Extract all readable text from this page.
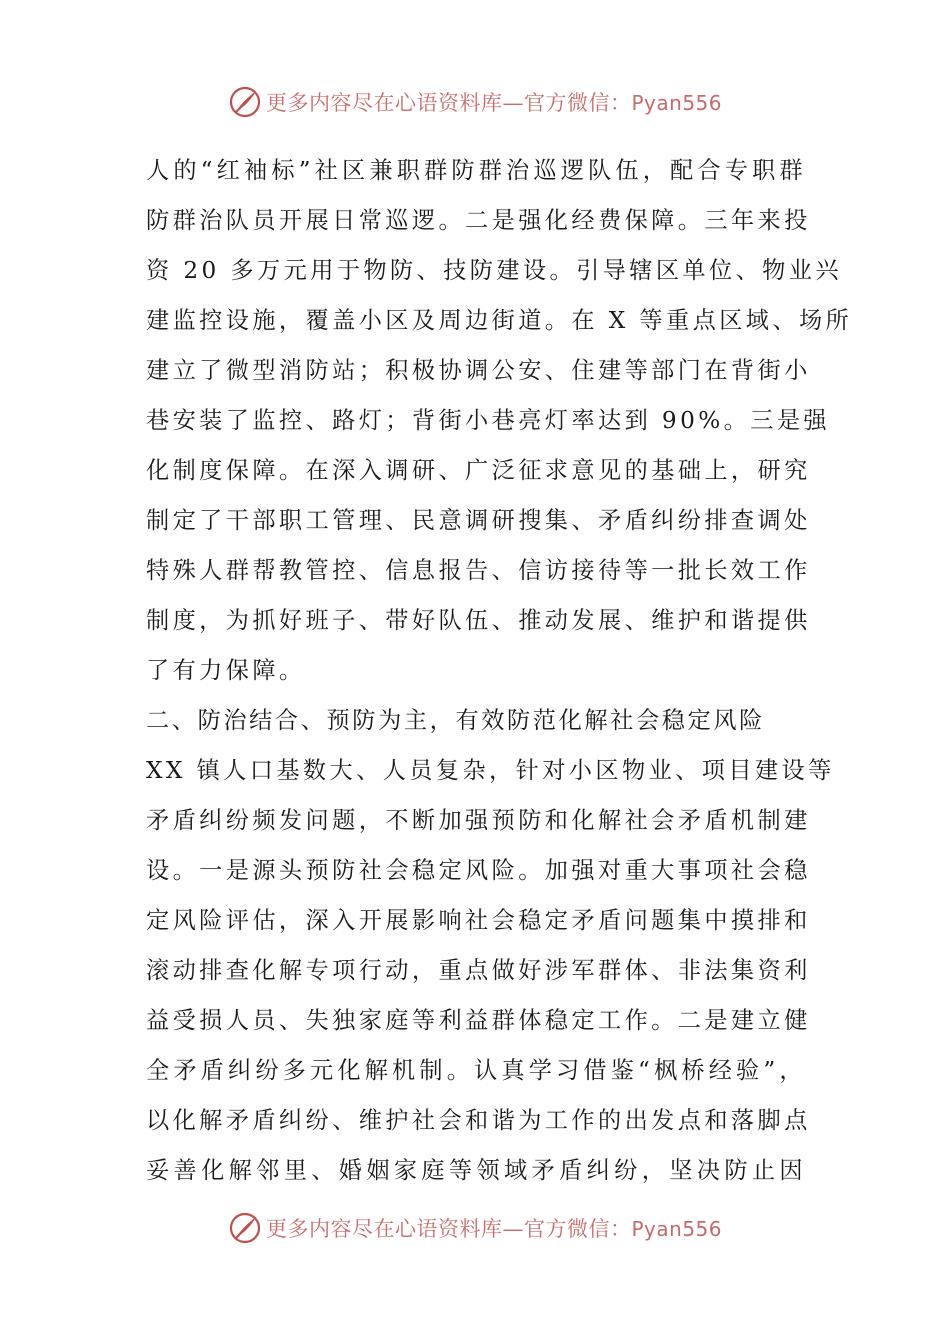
更多内容尽在心语资料库—官方微信：Pyan556
人的“红袖标”社区兼职群防群治巡逻队伍，配合专职群
防群治队员开展日常巡逻。二是强化经费保障。三年来投
资 20 多万元用于物防、技防建设。引导辖区单位、物业兴
建监控设施，覆盖小区及周边街道。在 X 等重点区域、场所
建立了微型消防站；积极协调公安、住建等部门在背街小
巷安装了监控、路灯；背街小巷亮灯率达到 90%。三是强
化制度保障。在深入调研、广泛征求意见的基础上，研究
制定了干部职工管理、民意调研搜集、矛盾纠纷排查调处
特殊人群帮教管控、信息报告、信访接待等一批长效工作
制度，为抓好班子、带好队伍、推动发展、维护和谐提供
了有力保障。
二、防治结合、预防为主，有效防范化解社会稳定风险
XX 镇人口基数大、人员复杂，针对小区物业、项目建设等
矛盾纠纷频发问题，不断加强预防和化解社会矛盾机制建
设。一是源头预防社会稳定风险。加强对重大事项社会稳
定风险评估，深入开展影响社会稳定矛盾问题集中摸排和
滚动排查化解专项行动，重点做好涉军群体、非法集资利
益受损人员、失独家庭等利益群体稳定工作。二是建立健
全矛盾纠纷多元化解机制。认真学习借鉴“枫桥经验”，
以化解矛盾纠纷、维护社会和谐为工作的出发点和落脚点
妥善化解邻里、婚姻家庭等领域矛盾纠纷，坚决防止因
更多内容尽在心语资料库—官方微信：Pyan556
